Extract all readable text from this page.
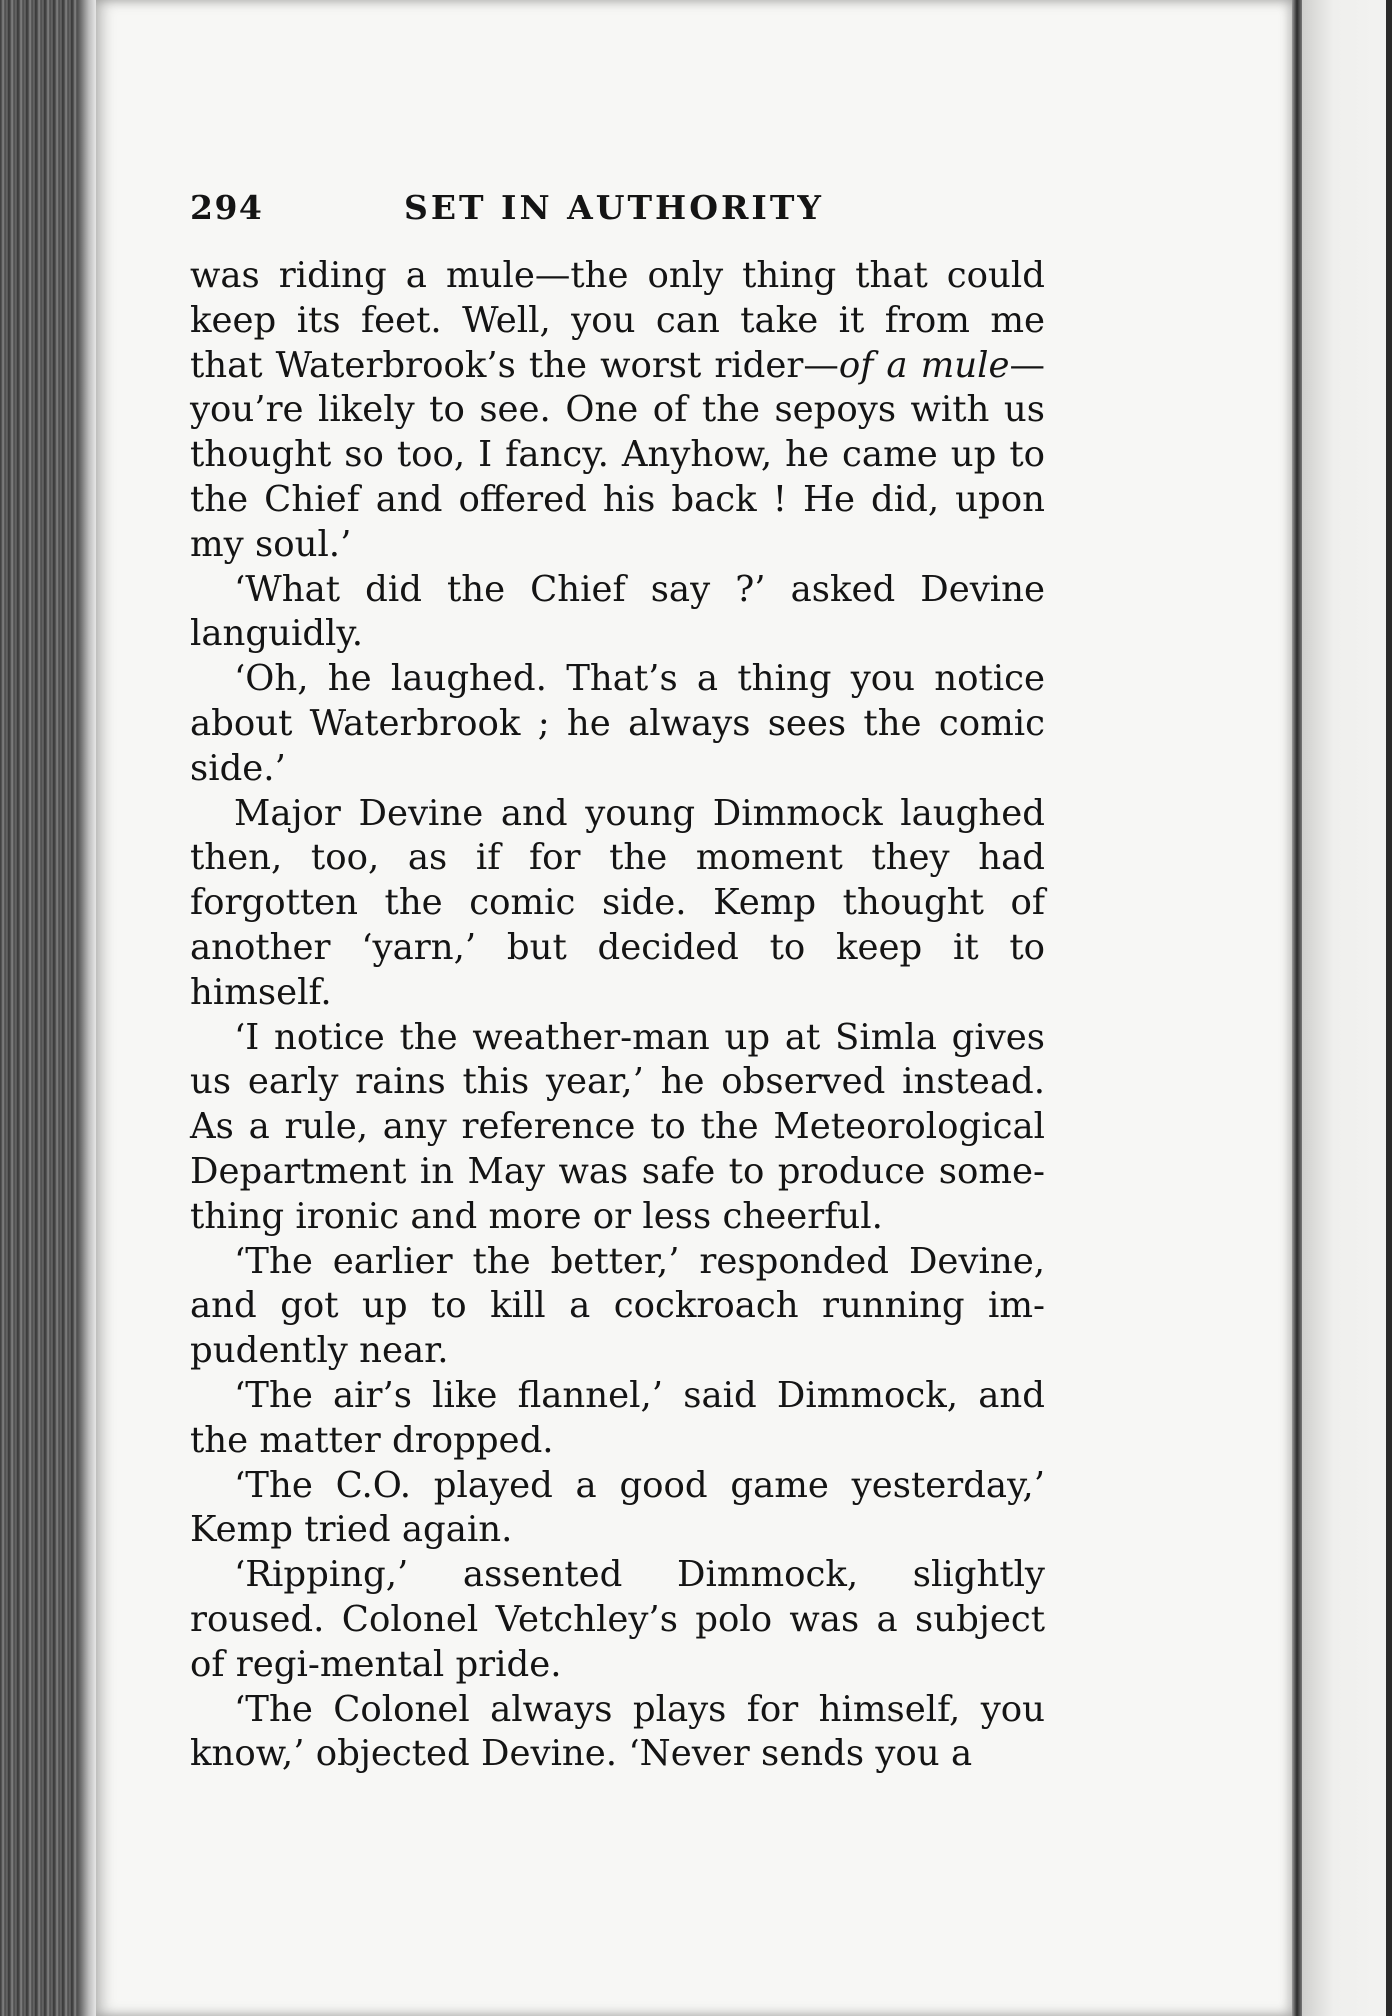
294	SET IN AUTHORITY

was riding a mule—the only thing that could keep its feet. Well, you can take it from me that Waterbrook’s the worst rider—of a mule—you’re likely to see. One of the sepoys with us thought so too, I fancy. Anyhow, he came up to the Chief and offered his back ! He did, upon my soul.’

‘What did the Chief say ?’ asked Devine languidly.

‘Oh, he laughed. That’s a thing you notice about Waterbrook ; he always sees the comic side.’

Major Devine and young Dimmock laughed then, too, as if for the moment they had forgotten the comic side. Kemp thought of another ‘yarn,’ but decided to keep it to himself.

‘I notice the weather-man up at Simla gives us early rains this year,’ he observed instead. As a rule, any reference to the Meteorological Department in May was safe to produce some-thing ironic and more or less cheerful.

‘The earlier the better,’ responded Devine, and got up to kill a cockroach running im-pudently near.

‘The air’s like flannel,’ said Dimmock, and the matter dropped.

‘The C.O. played a good game yesterday,’ Kemp tried again.

‘Ripping,’ assented Dimmock, slightly roused. Colonel Vetchley’s polo was a subject of regi-mental pride.

‘The Colonel always plays for himself, you know,’ objected Devine. ‘Never sends you a
